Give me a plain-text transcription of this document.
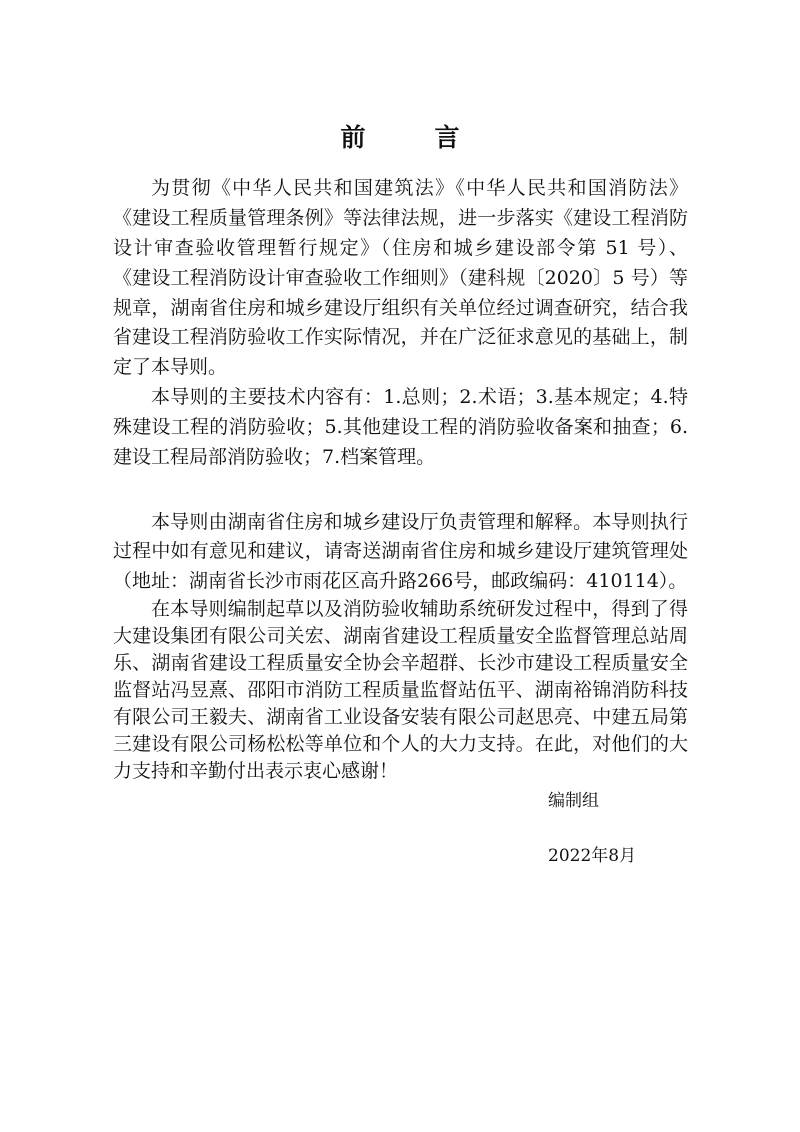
前　言
为贯彻《中华人民共和国建筑法》《中华人民共和国消防法》
《建设工程质量管理条例》等法律法规，进一步落实《建设工程消防
设计审查验收管理暂行规定》（住房和城乡建设部令第 51 号）、
《建设工程消防设计审查验收工作细则》（建科规〔2020〕5 号）等
规章，湖南省住房和城乡建设厅组织有关单位经过调查研究，结合我
省建设工程消防验收工作实际情况，并在广泛征求意见的基础上，制
定了本导则。
本导则的主要技术内容有：1.总则；2.术语；3.基本规定；4.特
殊建设工程的消防验收；5.其他建设工程的消防验收备案和抽查；6.
建设工程局部消防验收；7.档案管理。
本导则由湖南省住房和城乡建设厅负责管理和解释。本导则执行
过程中如有意见和建议，请寄送湖南省住房和城乡建设厅建筑管理处
（地址：湖南省长沙市雨花区高升路266号，邮政编码：410114）。
在本导则编制起草以及消防验收辅助系统研发过程中，得到了得
大建设集团有限公司关宏、湖南省建设工程质量安全监督管理总站周
乐、湖南省建设工程质量安全协会辛超群、长沙市建设工程质量安全
监督站冯昱熹、邵阳市消防工程质量监督站伍平、湖南裕锦消防科技
有限公司王毅夫、湖南省工业设备安装有限公司赵思亮、中建五局第
三建设有限公司杨松松等单位和个人的大力支持。在此，对他们的大
力支持和辛勤付出表示衷心感谢！
编制组
2022年8月
